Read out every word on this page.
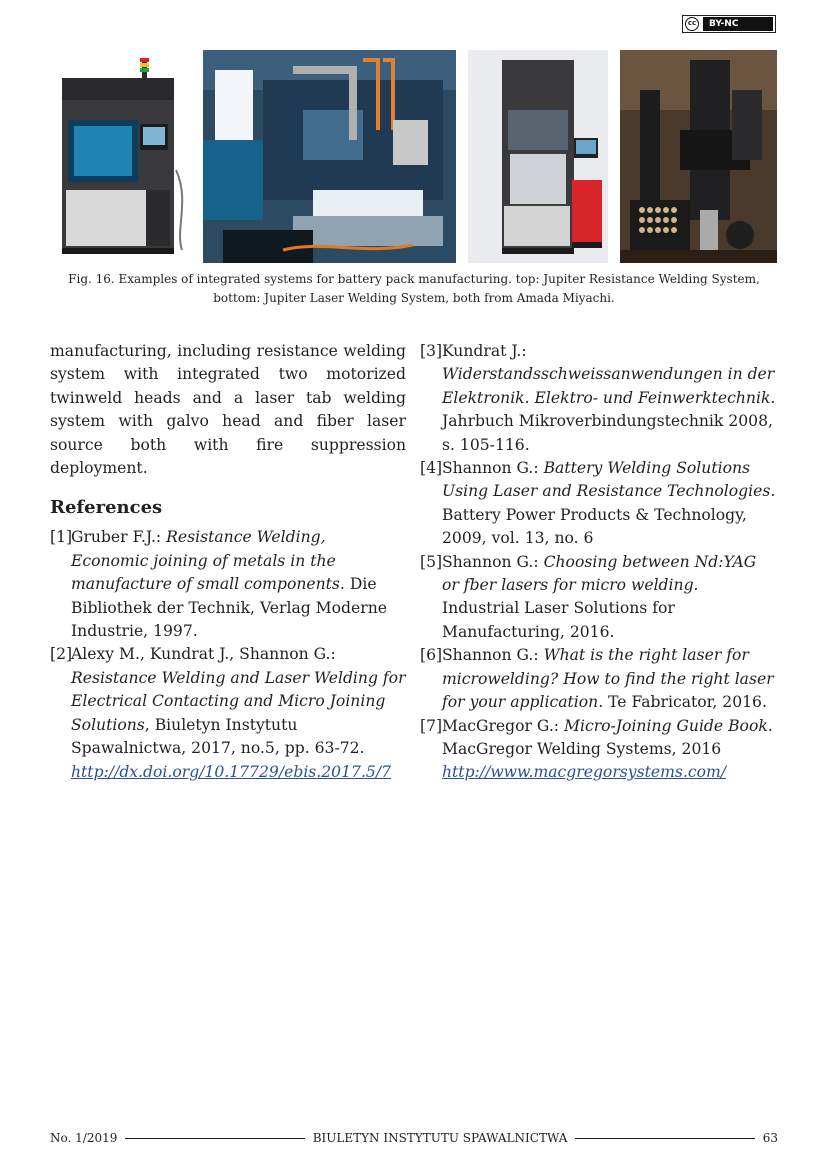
cc	BY-NC
Fig. 16. Examples of integrated systems for battery pack manufacturing. top: Jupiter Resistance Welding System, bottom: Jupiter Laser Welding System, both from Amada Miyachi.

manufacturing, including resistance welding system with integrated two motorized twinweld heads and a laser tab welding system with galvo head and fiber laser source both with fire suppression deployment.

References
[1]
Gruber F.J.: Resistance Welding, Economic joining of metals in the manufacture of small components. Die Bibliothek der Technik, Verlag Moderne Industrie, 1997.
[2]
Alexy M., Kundrat J., Shannon G.: Resistance Welding and Laser Welding for Electrical Contacting and Micro Joining Solutions, Biuletyn Instytutu Spawalnictwa, 2017, no.5, pp. 63-72.
http://dx.doi.org/10.17729/ebis.2017.5/7
[3] Kundrat J.: Widerstandsschweissanwendungen in der Elektronik. Elektro- und Feinwerktechnik. Jahrbuch Mikroverbindungstechnik 2008, s. 105-116.
[4] Shannon G.: Battery Welding Solutions Using Laser and Resistance Technologies. Battery Power Products & Technology, 2009, vol. 13, no. 6
[5] Shannon G.: Choosing between Nd:YAG or fber lasers for micro welding. Industrial Laser Solutions for Manufacturing, 2016.
[6] Shannon G.: What is the right laser for microwelding? How to find the right laser for your application. Te Fabricator, 2016.
[7] MacGregor G.: Micro-Joining Guide Book. MacGregor Welding Systems, 2016
http://www.macgregorsystems.com/
No. 1/2019	BIULETYN INSTYTUTU SPAWALNICTWA	63
